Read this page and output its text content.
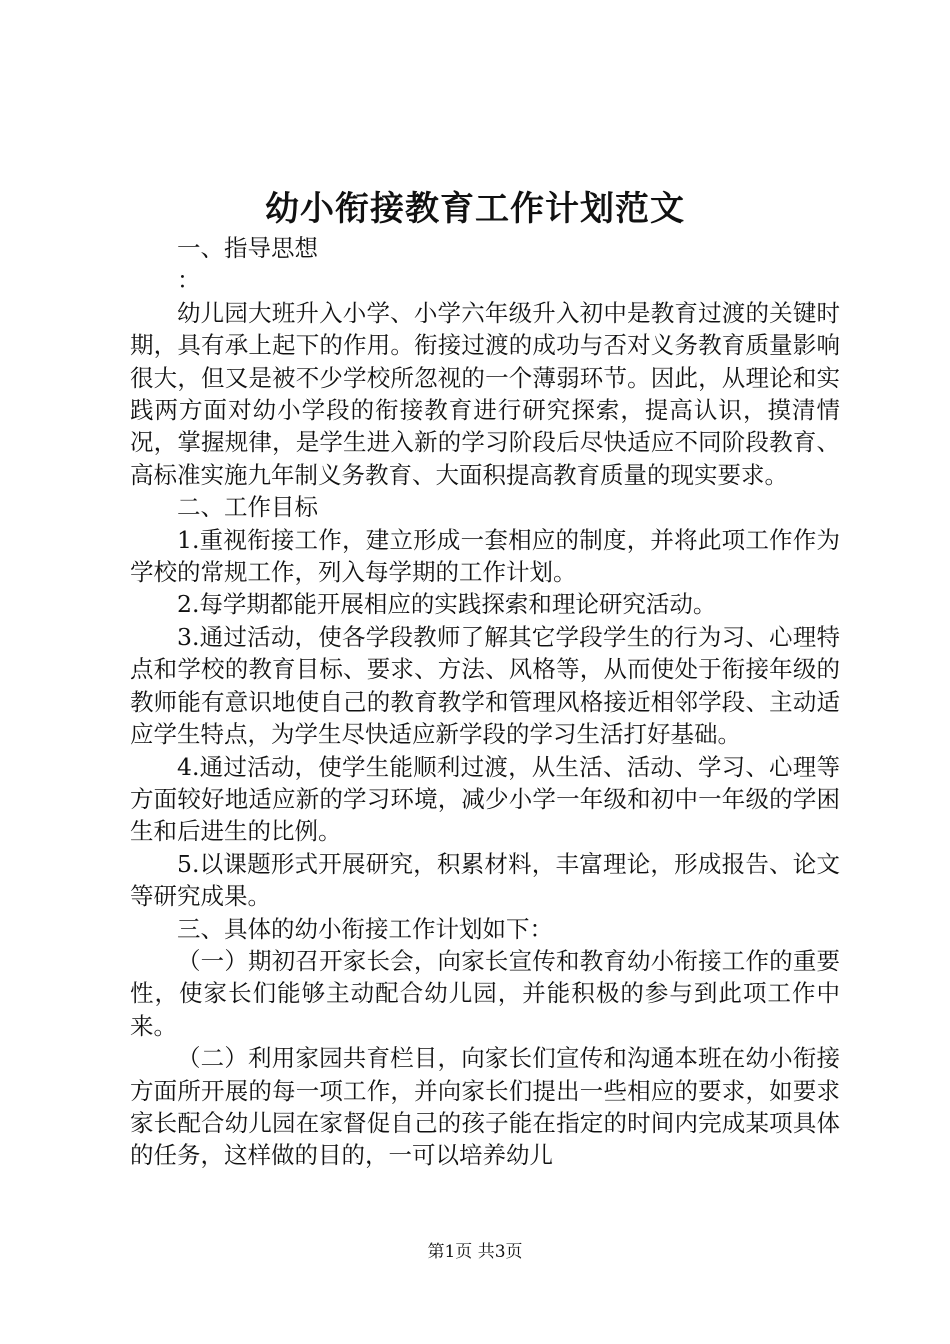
幼小衔接教育工作计划范文

一、指导思想

：

幼儿园大班升入小学、小学六年级升入初中是教育过渡的关键时期，具有承上起下的作用。衔接过渡的成功与否对义务教育质量影响很大，但又是被不少学校所忽视的一个薄弱环节。因此，从理论和实践两方面对幼小学段的衔接教育进行研究探索，提高认识，摸清情况，掌握规律，是学生进入新的学习阶段后尽快适应不同阶段教育、高标准实施九年制义务教育、大面积提高教育质量的现实要求。

二、工作目标

1.重视衔接工作，建立形成一套相应的制度，并将此项工作作为学校的常规工作，列入每学期的工作计划。

2.每学期都能开展相应的实践探索和理论研究活动。

3.通过活动，使各学段教师了解其它学段学生的行为习、心理特点和学校的教育目标、要求、方法、风格等，从而使处于衔接年级的教师能有意识地使自己的教育教学和管理风格接近相邻学段、主动适应学生特点，为学生尽快适应新学段的学习生活打好基础。

4.通过活动，使学生能顺利过渡，从生活、活动、学习、心理等方面较好地适应新的学习环境，减少小学一年级和初中一年级的学困生和后进生的比例。

5.以课题形式开展研究，积累材料，丰富理论，形成报告、论文等研究成果。

三、具体的幼小衔接工作计划如下：

（一）期初召开家长会，向家长宣传和教育幼小衔接工作的重要性，使家长们能够主动配合幼儿园，并能积极的参与到此项工作中来。

（二）利用家园共育栏目，向家长们宣传和沟通本班在幼小衔接方面所开展的每一项工作，并向家长们提出一些相应的要求，如要求家长配合幼儿园在家督促自己的孩子能在指定的时间内完成某项具体的任务，这样做的目的，一可以培养幼儿

第1页 共3页
